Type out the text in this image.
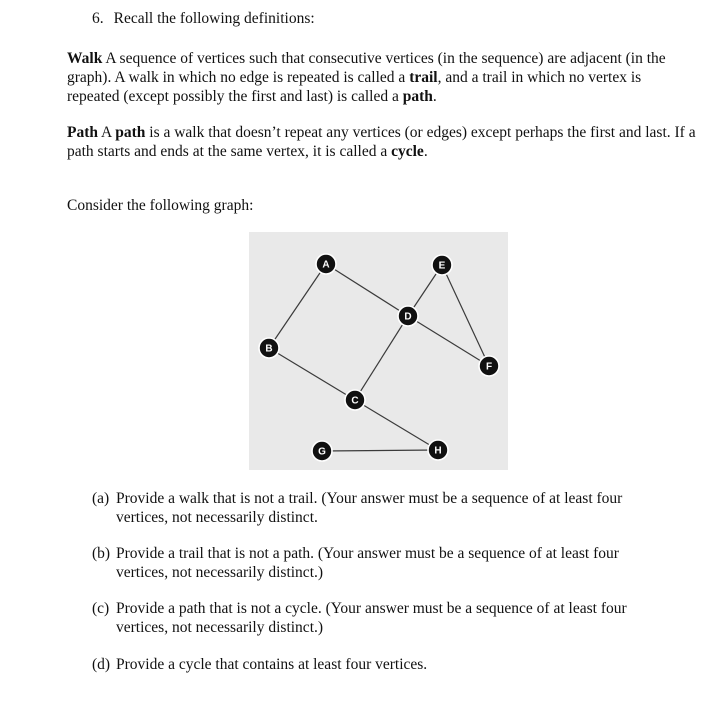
6. Recall the following definitions:
Walk A sequence of vertices such that consecutive vertices (in the sequence) are adjacent (in the graph). A walk in which no edge is repeated is called a trail, and a trail in which no vertex is repeated (except possibly the first and last) is called a path.
Path A path is a walk that doesn’t repeat any vertices (or edges) except perhaps the first and last. If a path starts and ends at the same vertex, it is called a cycle.
Consider the following graph:
A
B
C
D
E
F
G	H
(a) Provide a walk that is not a trail. (Your answer must be a sequence of at least four
vertices, not necessarily distinct.
(b) Provide a trail that is not a path. (Your answer must be a sequence of at least four
vertices, not necessarily distinct.)
(c) Provide a path that is not a cycle. (Your answer must be a sequence of at least four
vertices, not necessarily distinct.)
(d) Provide a cycle that contains at least four vertices.
